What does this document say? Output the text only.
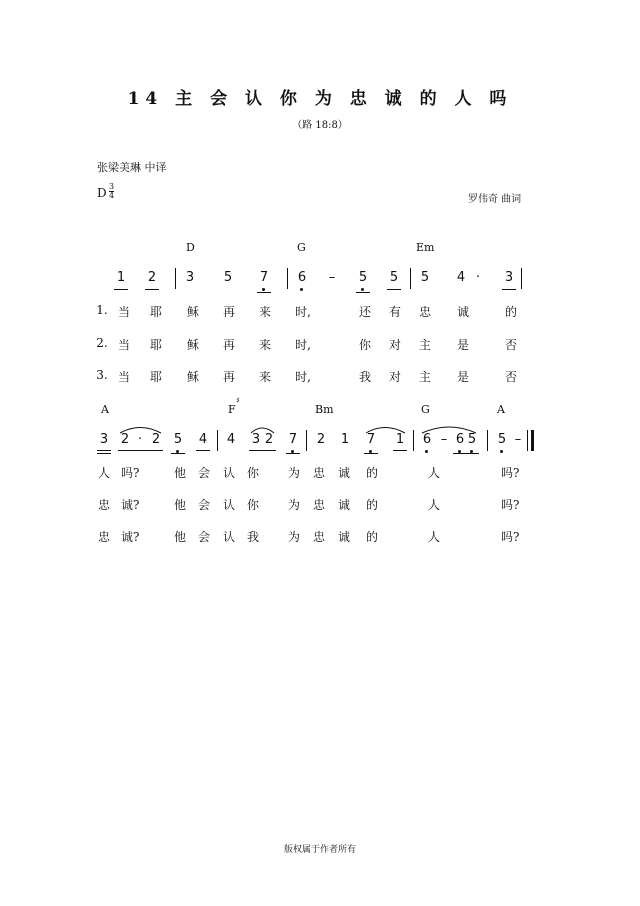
14 主 会 认 你 为 忠 诚 的 人 吗
（路 18:8）
张梁美琳 中译
D $\frac{3}{4}$	罗伟奇 曲词
D	G	Em
1 2 3 5 7 6 – 5 5 5 4 ·	3
1. 当 耶 稣 再 来 时,	还 有 忠 诚	的
2. 当 耶 稣 再 来 时,	你 对 主 是	否
3. 当 耶 稣 再 来 时,	我 对 主 是	否
A	F
♯
Bm	G	A
3 2 · 2 5 4 4 3 2 7 2 1 7 1 6 – 6 5 5 –
人 吗?	他 会 认 你 为 忠 诚 的	人	吗?
忠 诚?	他 会 认 你 为 忠 诚 的	人	吗?
忠 诚?	他 会 认 我 为 忠 诚 的	人	吗?
版权属于作者所有
